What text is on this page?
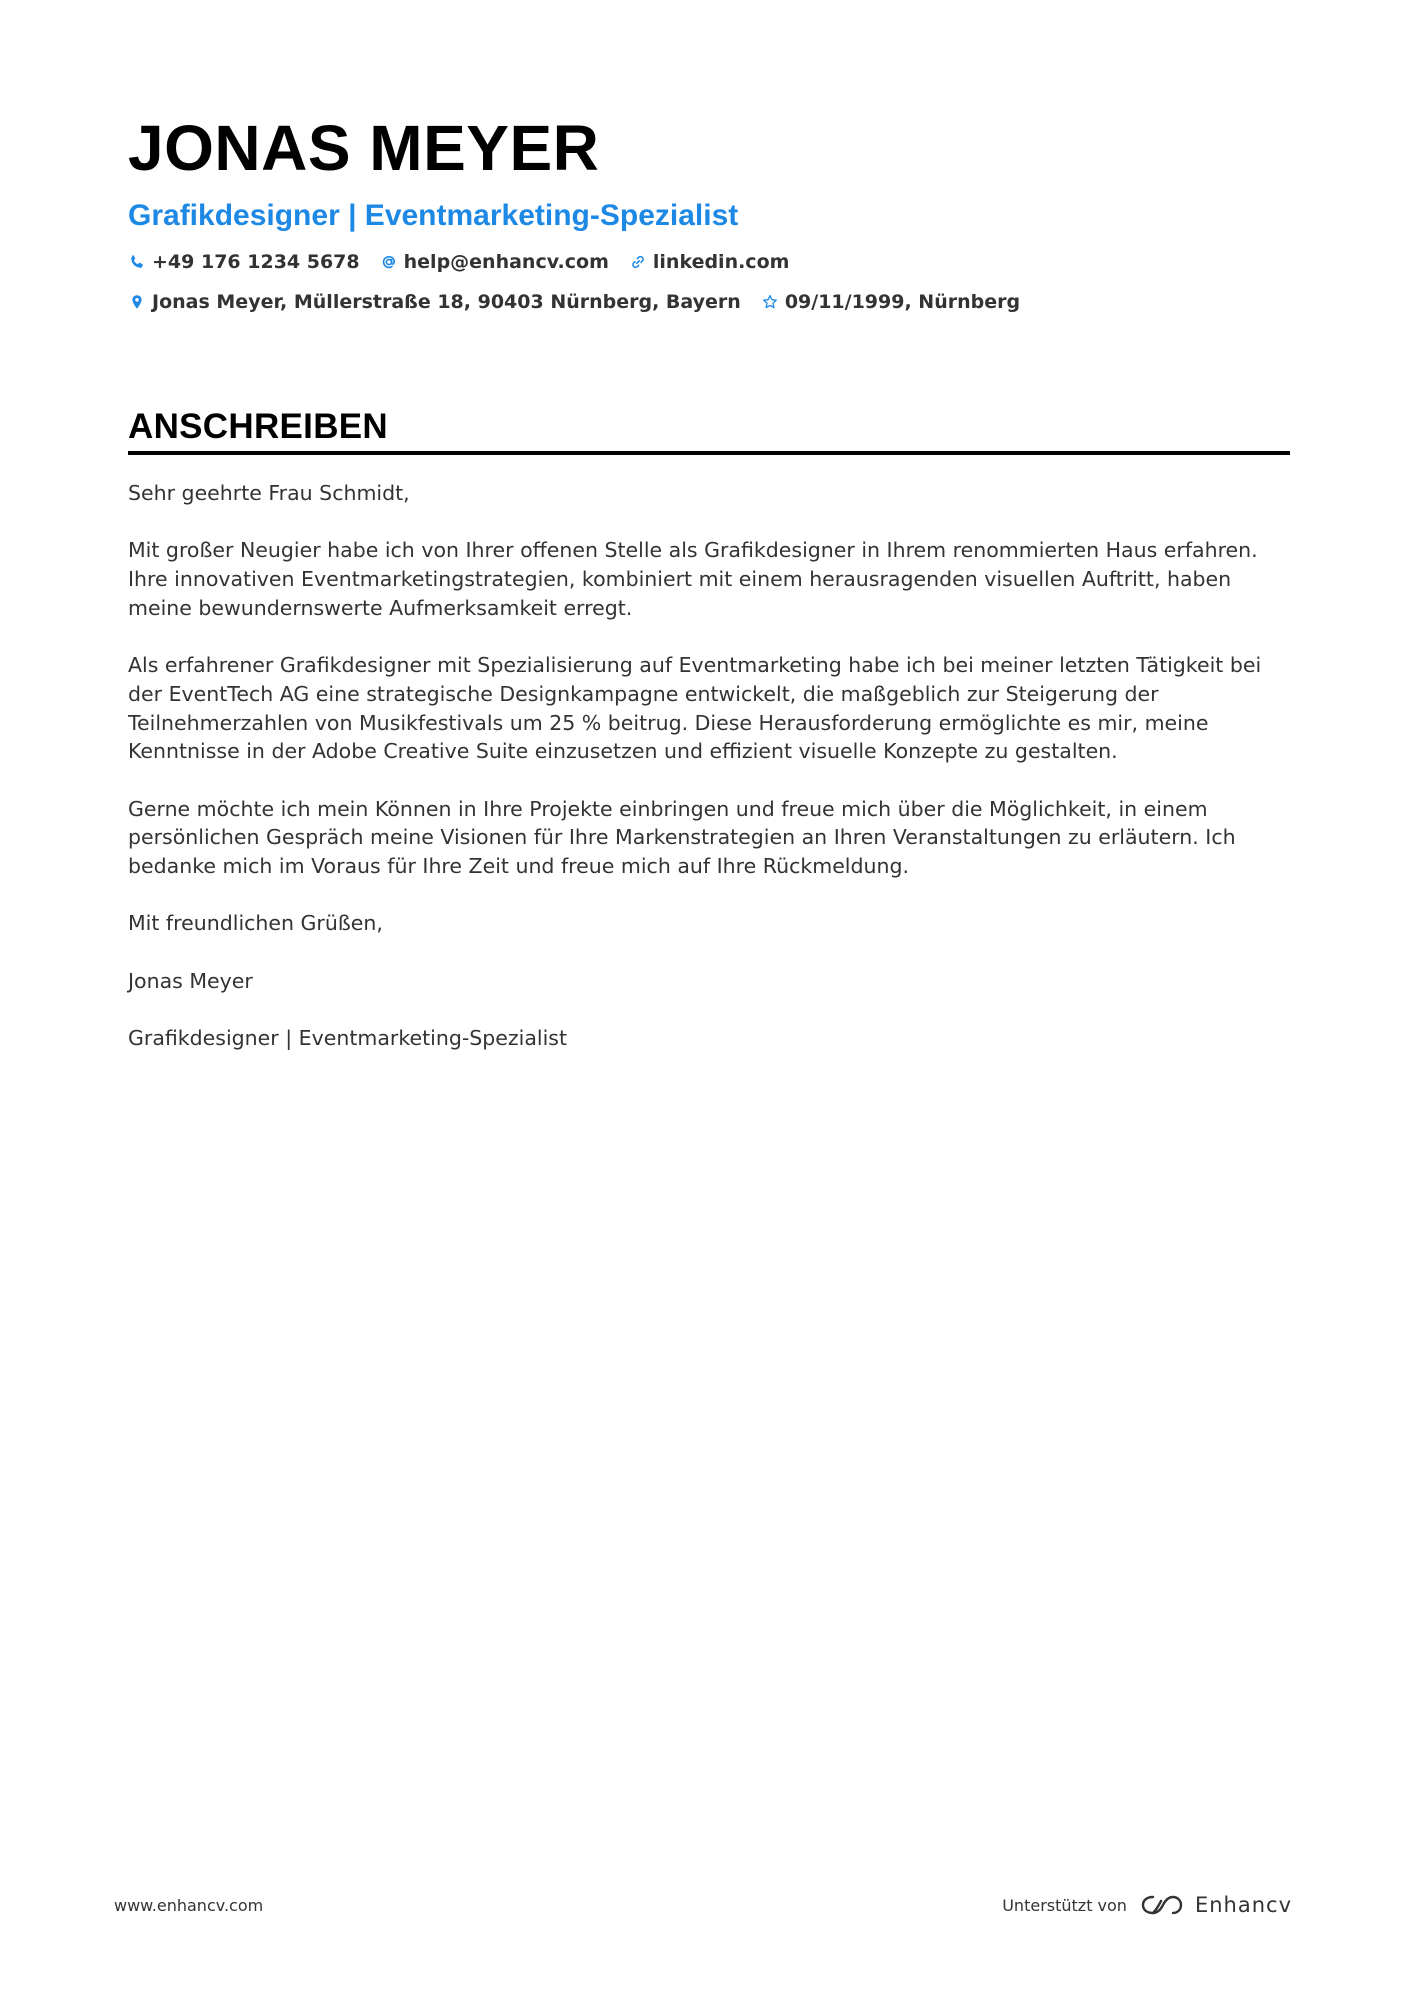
JONAS MEYER
Grafikdesigner | Eventmarketing-Spezialist
+49 176 1234 5678 help@enhancv.com linkedin.com
Jonas Meyer, Müllerstraße 18, 90403 Nürnberg, Bayern 09/11/1999, Nürnberg
ANSCHREIBEN

Sehr geehrte Frau Schmidt,

Mit großer Neugier habe ich von Ihrer offenen Stelle als Grafikdesigner in Ihrem renommierten Haus erfahren. Ihre innovativen Eventmarketingstrategien, kombiniert mit einem herausragenden visuellen Auftritt, haben meine bewundernswerte Aufmerksamkeit erregt.

Als erfahrener Grafikdesigner mit Spezialisierung auf Eventmarketing habe ich bei meiner letzten Tätigkeit bei der EventTech AG eine strategische Designkampagne entwickelt, die maßgeblich zur Steigerung der Teilnehmerzahlen von Musikfestivals um 25 % beitrug. Diese Herausforderung ermöglichte es mir, meine Kenntnisse in der Adobe Creative Suite einzusetzen und effizient visuelle Konzepte zu gestalten.

Gerne möchte ich mein Können in Ihre Projekte einbringen und freue mich über die Möglichkeit, in einem persönlichen Gespräch meine Visionen für Ihre Markenstrategien an Ihren Veranstaltungen zu erläutern. Ich bedanke mich im Voraus für Ihre Zeit und freue mich auf Ihre Rückmeldung.

Mit freundlichen Grüßen,

Jonas Meyer

Grafikdesigner | Eventmarketing-Spezialist

www.enhancv.com	Unterstützt von	Enhancv
